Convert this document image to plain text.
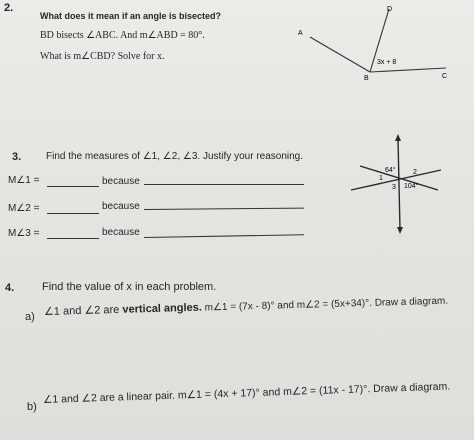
2.
What does it mean if an angle is bisected?
BD bisects ∠ABC. And m∠ABD = 80°.
What is m∠CBD? Solve for x.
A
B	C
D
3x + 8
3. Find the measures of ∠1, ∠2, ∠3. Justify your reasoning.
M∠1 =	because
M∠2 =	because
M∠3 =	because
64°
104°
1
2
3
4.	Find the value of x in each problem.
a) ∠1 and ∠2 are vertical angles. m∠1 = (7x - 8)° and m∠2 = (5x+34)°. Draw a diagram.
b)
∠1 and ∠2 are a linear pair. m∠1 = (4x + 17)° and m∠2 = (11x - 17)°. Draw a diagram.
